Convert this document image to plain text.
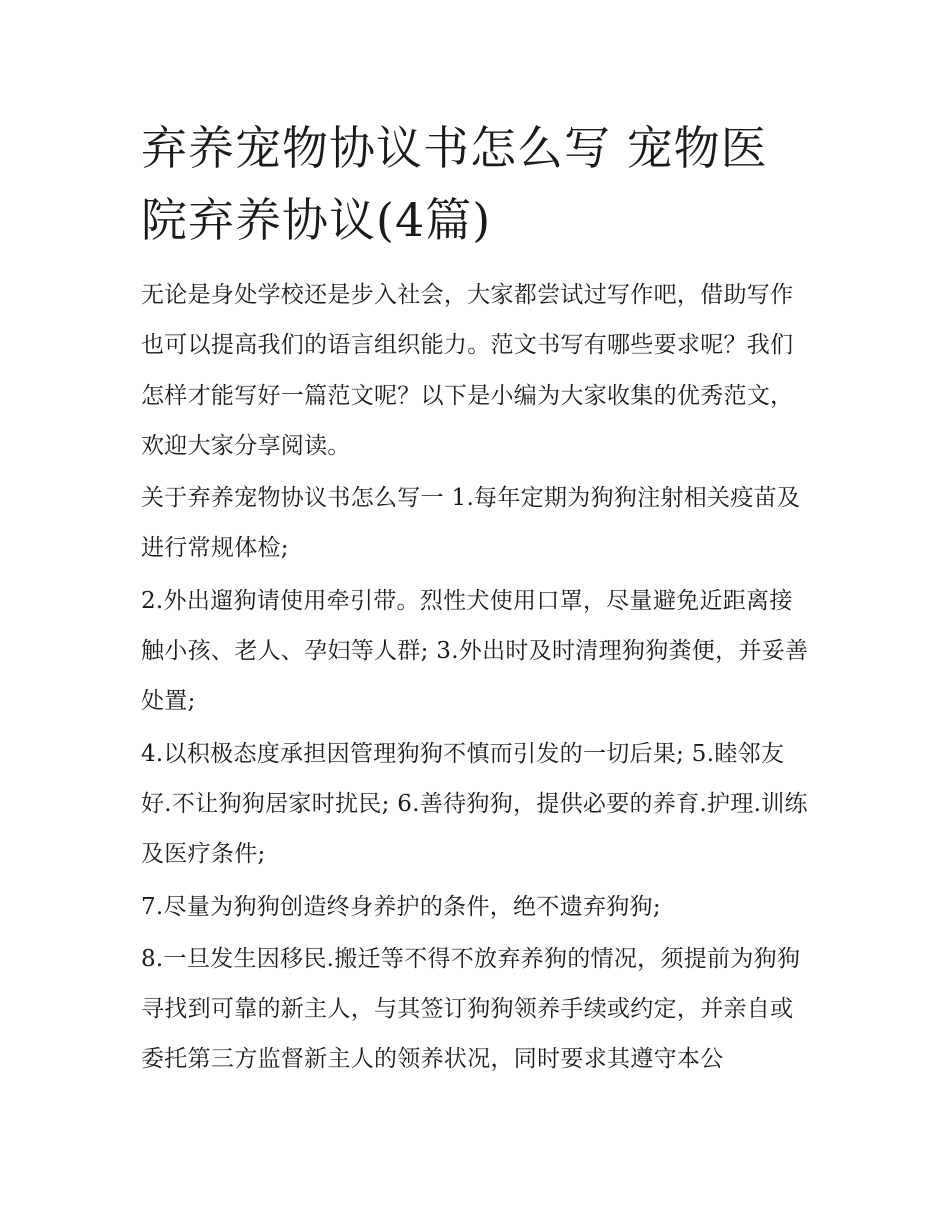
弃养宠物协议书怎么写 宠物医院弃养协议(4篇)

无论是身处学校还是步入社会，大家都尝试过写作吧，借助写作也可以提高我们的语言组织能力。范文书写有哪些要求呢？我们怎样才能写好一篇范文呢？以下是小编为大家收集的优秀范文，欢迎大家分享阅读。

关于弃养宠物协议书怎么写一 1.每年定期为狗狗注射相关疫苗及进行常规体检;

2.外出遛狗请使用牵引带。烈性犬使用口罩，尽量避免近距离接触小孩、老人、孕妇等人群; 3.外出时及时清理狗狗粪便，并妥善处置;

4.以积极态度承担因管理狗狗不慎而引发的一切后果; 5.睦邻友好.不让狗狗居家时扰民; 6.善待狗狗，提供必要的养育.护理.训练及医疗条件;

7.尽量为狗狗创造终身养护的条件，绝不遗弃狗狗;

8.一旦发生因移民.搬迁等不得不放弃养狗的情况，须提前为狗狗寻找到可靠的新主人，与其签订狗狗领养手续或约定，并亲自或委托第三方监督新主人的领养状况，同时要求其遵守本公
